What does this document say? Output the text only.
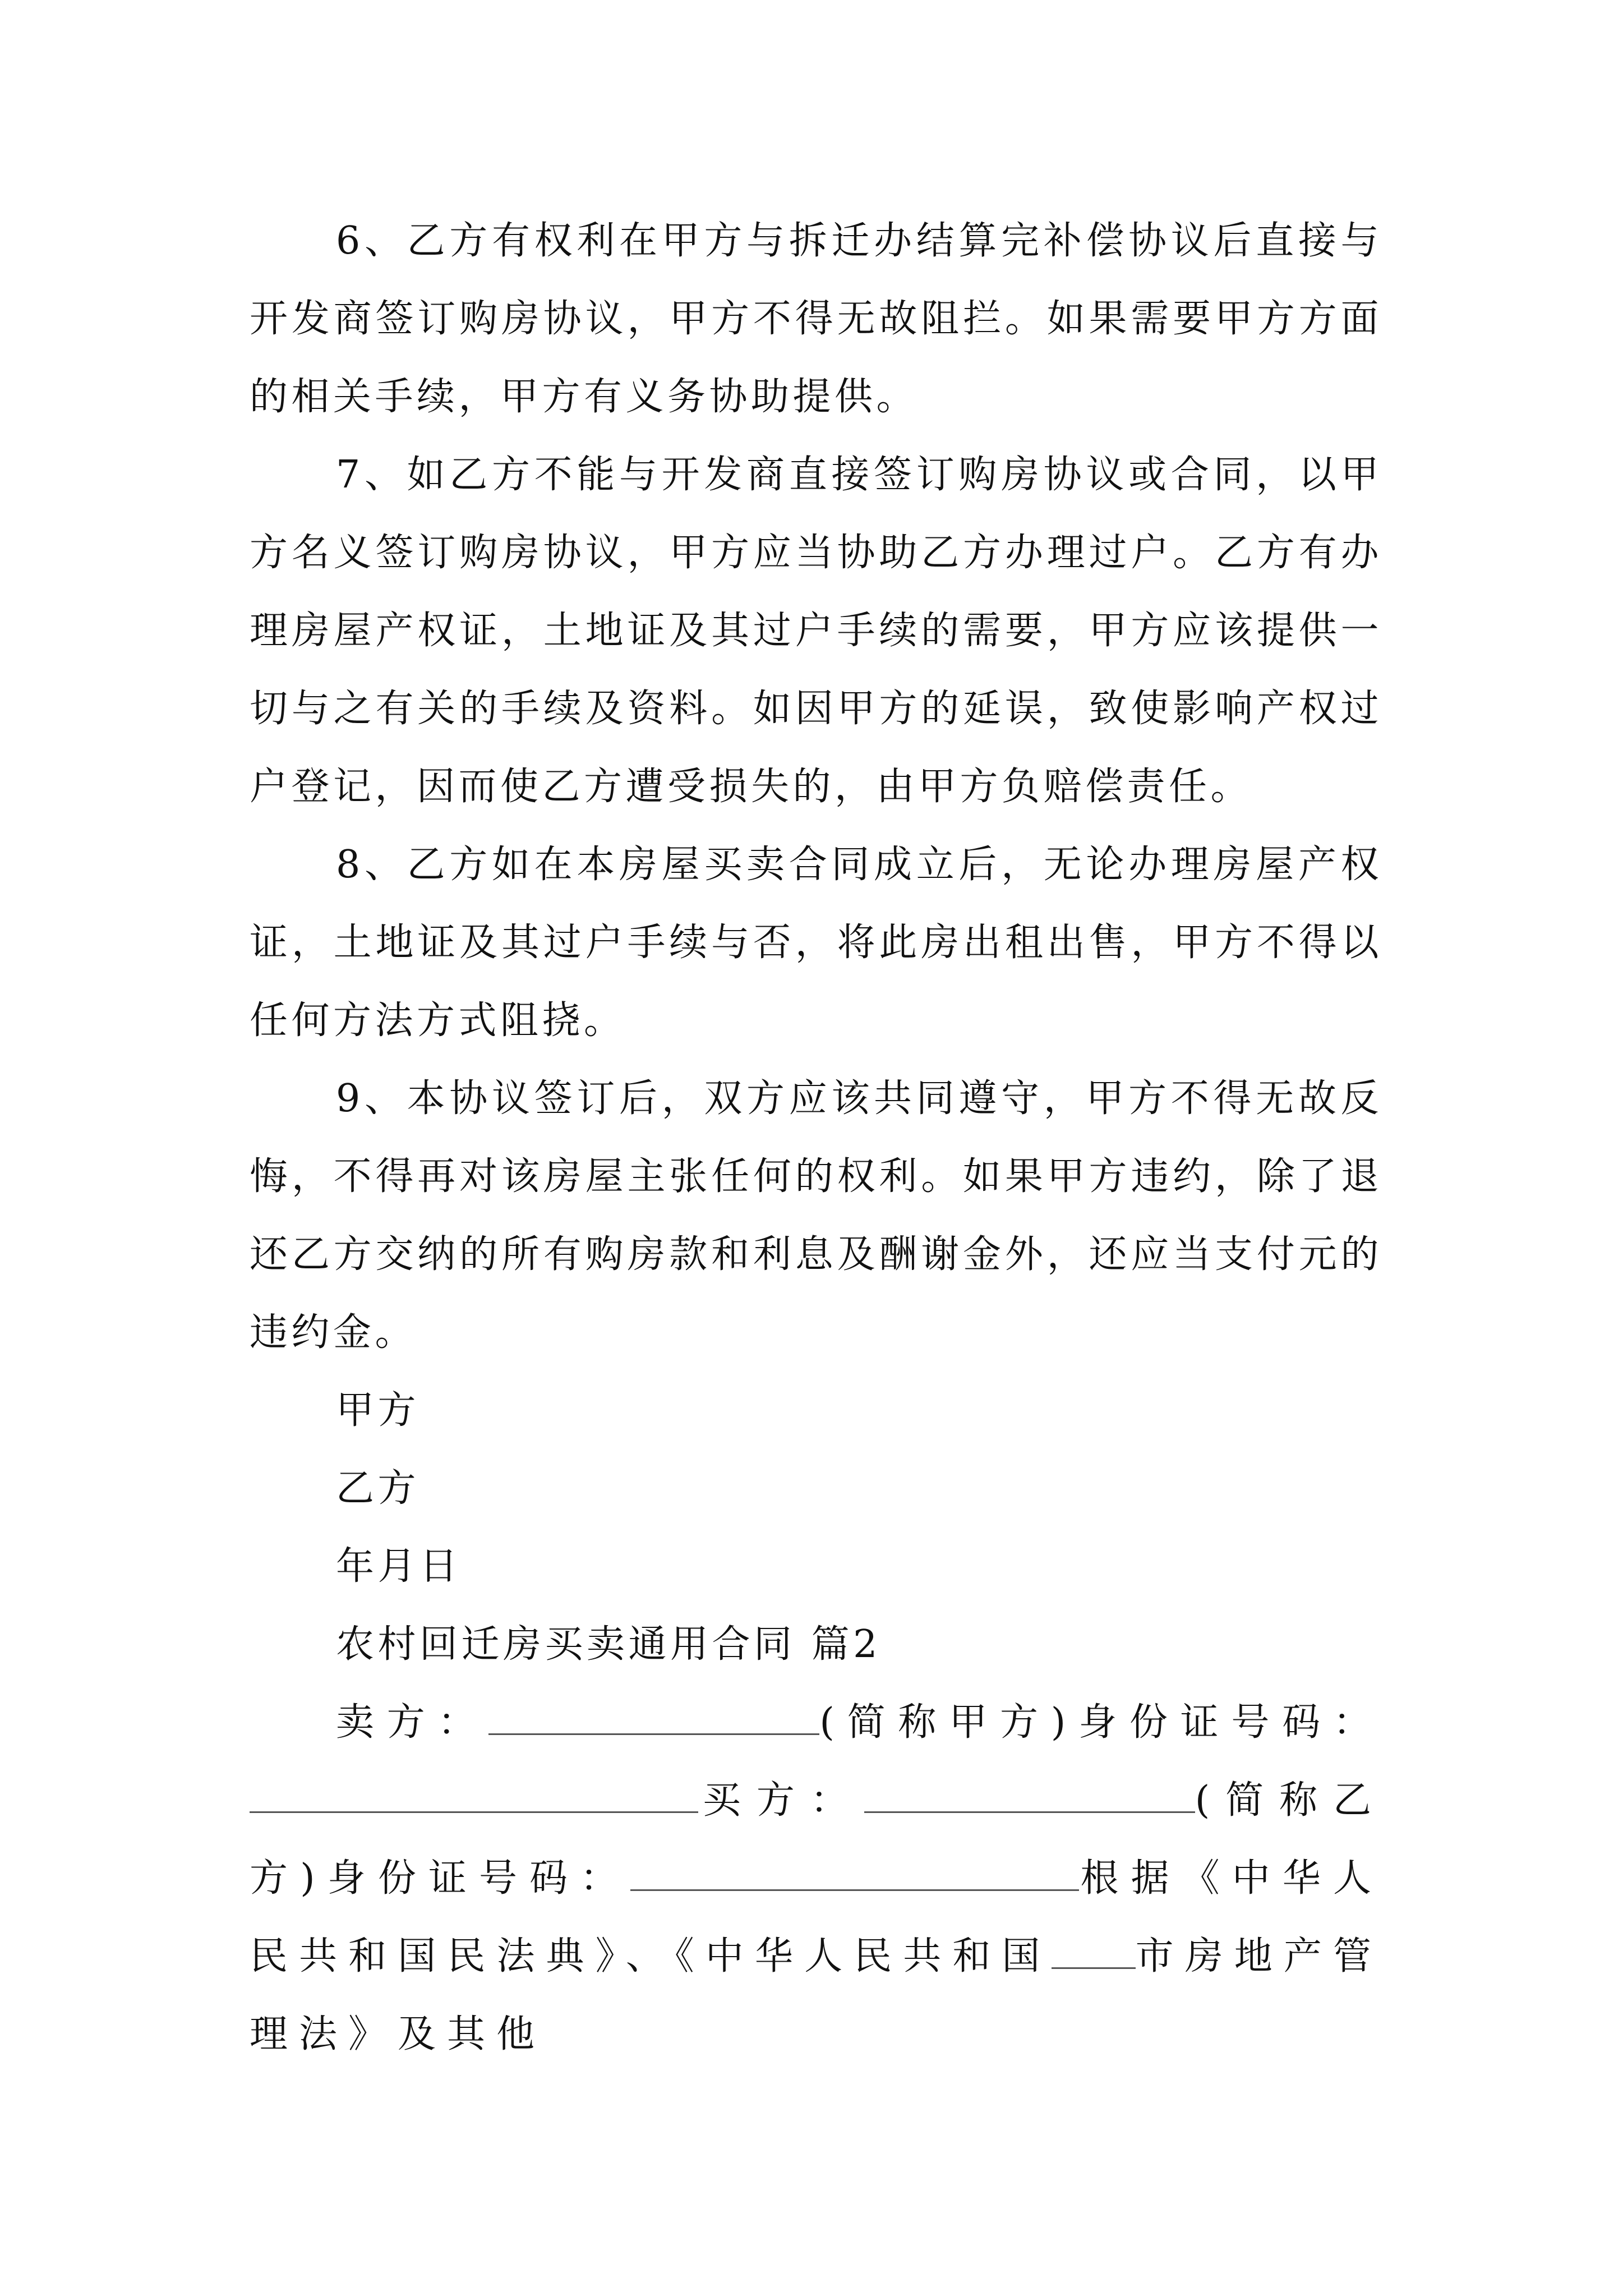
6、乙方有权利在甲方与拆迁办结算完补偿协议后直接与开发商签订购房协议，甲方不得无故阻拦。如果需要甲方方面的相关手续，甲方有义务协助提供。

7、如乙方不能与开发商直接签订购房协议或合同，以甲方名义签订购房协议，甲方应当协助乙方办理过户。乙方有办理房屋产权证，土地证及其过户手续的需要，甲方应该提供一切与之有关的手续及资料。如因甲方的延误，致使影响产权过户登记，因而使乙方遭受损失的，由甲方负赔偿责任。

8、乙方如在本房屋买卖合同成立后，无论办理房屋产权证，土地证及其过户手续与否，将此房出租出售，甲方不得以任何方法方式阻挠。

9、本协议签订后，双方应该共同遵守，甲方不得无故反悔，不得再对该房屋主张任何的权利。如果甲方违约，除了退还乙方交纳的所有购房款和利息及酬谢金外，还应当支付元的违约金。

甲方

乙方

年月日

农村回迁房买卖通用合同 篇2

卖方：	(简称甲方)身份证号码：买方：	(简称乙方)身份证号码：	根据《中华人民共和国民法典》、《中华人民共和国 市房地产管理法》及其他
